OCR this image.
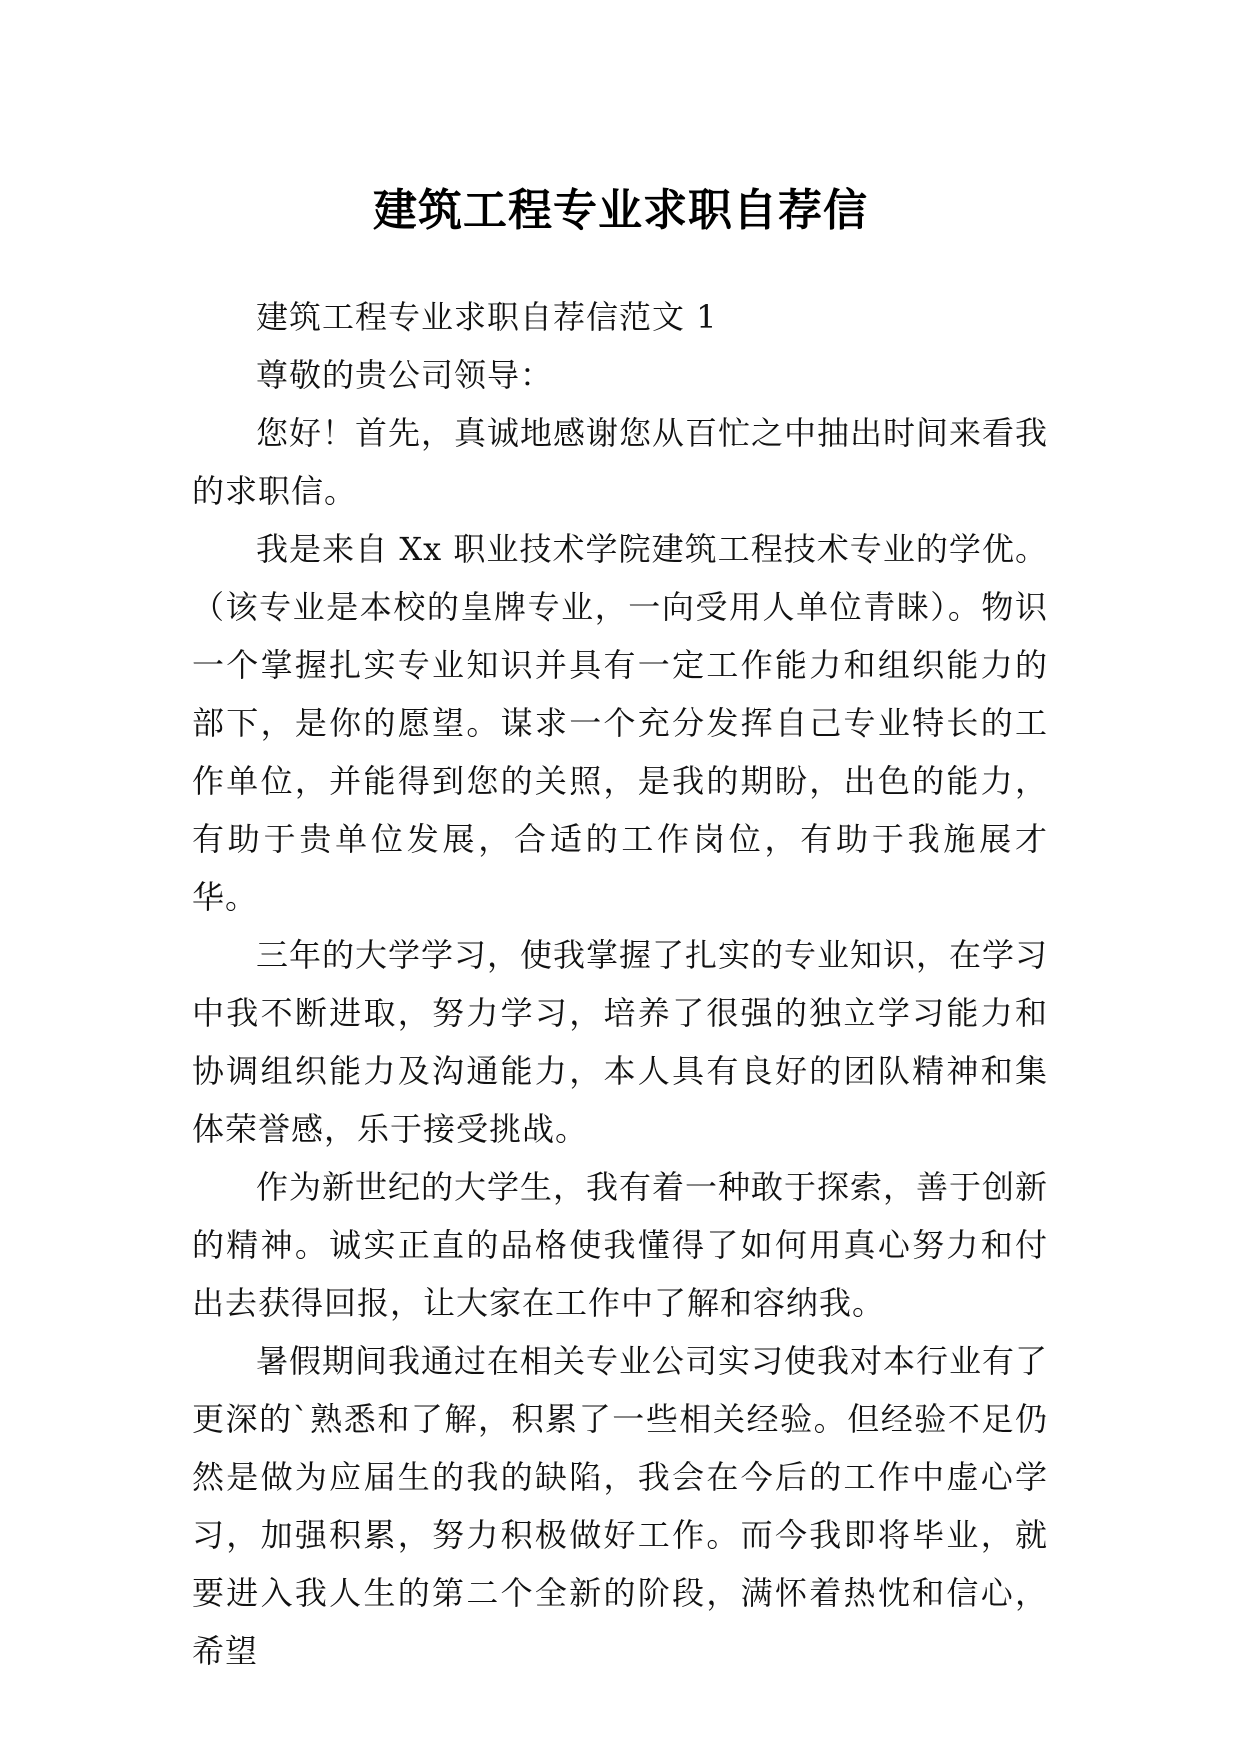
建筑工程专业求职自荐信

建筑工程专业求职自荐信范文 1

尊敬的贵公司领导：

您好！首先，真诚地感谢您从百忙之中抽出时间来看我的求职信。

我是来自 Xx 职业技术学院建筑工程技术专业的学优。（该专业是本校的皇牌专业，一向受用人单位青睐）。物识一个掌握扎实专业知识并具有一定工作能力和组织能力的部下，是你的愿望。谋求一个充分发挥自己专业特长的工作单位，并能得到您的关照，是我的期盼，出色的能力，有助于贵单位发展，合适的工作岗位，有助于我施展才华。

三年的大学学习，使我掌握了扎实的专业知识，在学习中我不断进取，努力学习，培养了很强的独立学习能力和协调组织能力及沟通能力，本人具有良好的团队精神和集体荣誉感，乐于接受挑战。

作为新世纪的大学生，我有着一种敢于探索，善于创新的精神。诚实正直的品格使我懂得了如何用真心努力和付出去获得回报，让大家在工作中了解和容纳我。

暑假期间我通过在相关专业公司实习使我对本行业有了更深的`熟悉和了解，积累了一些相关经验。但经验不足仍然是做为应届生的我的缺陷，我会在今后的工作中虚心学习，加强积累，努力积极做好工作。而今我即将毕业，就要进入我人生的第二个全新的阶段，满怀着热忱和信心，希望
